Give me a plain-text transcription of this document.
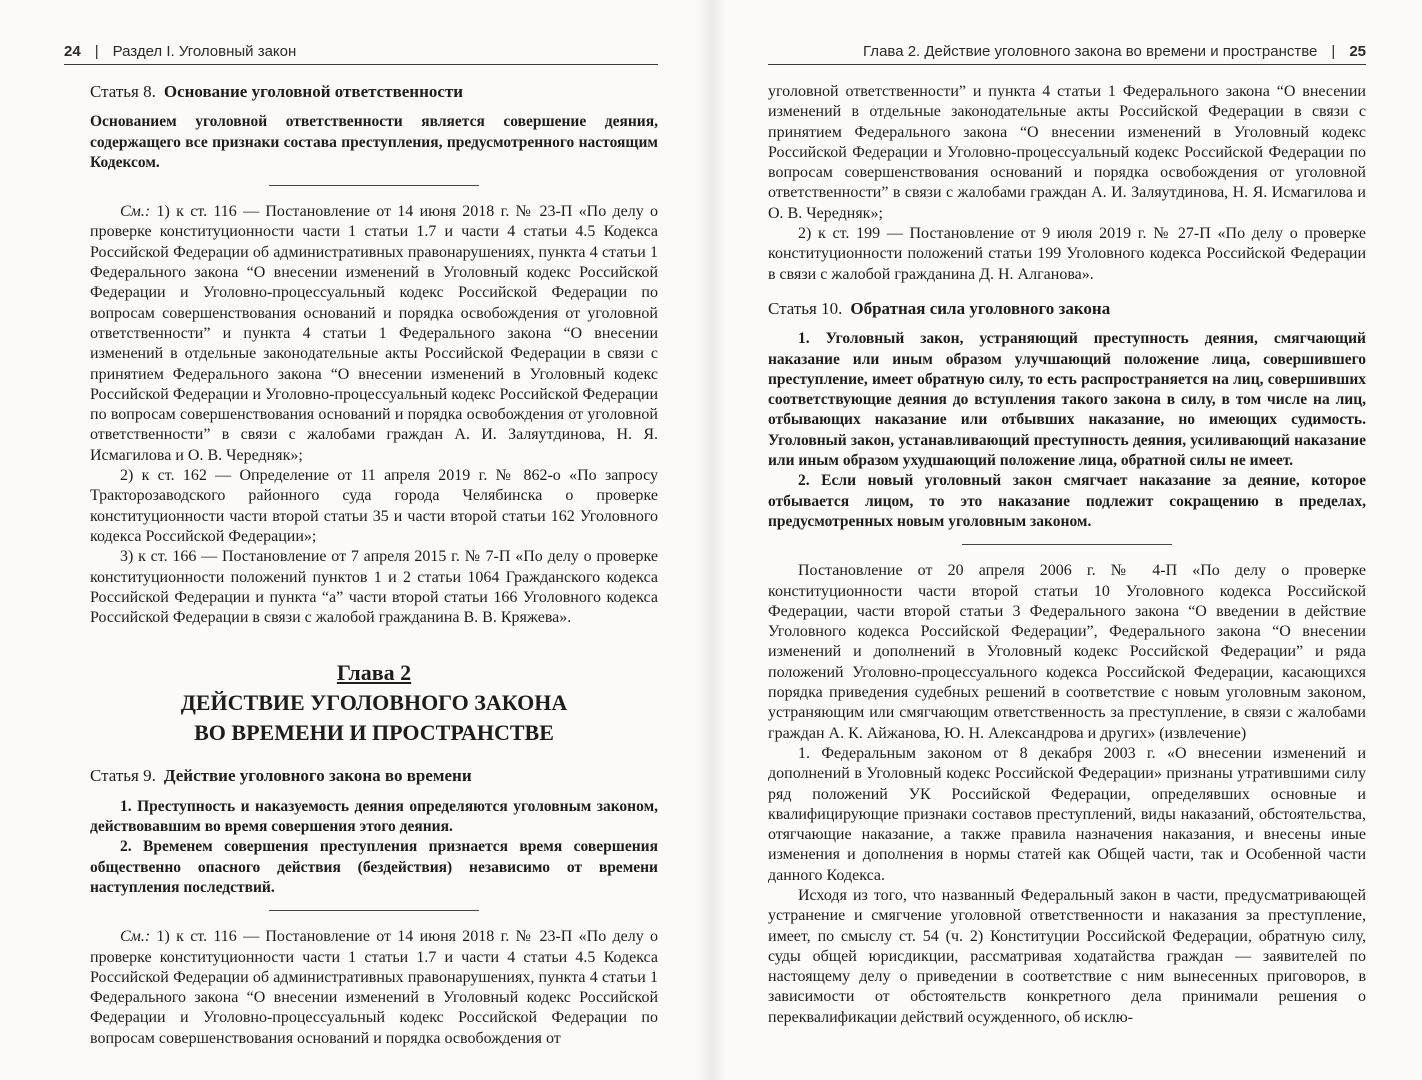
24 | Раздел I. Уголовный закон
Статья 8. Основание уголовной ответственности

Основанием уголовной ответственности является совершение деяния, содержащего все признаки состава преступления, предусмотренного настоящим Кодексом.

См.: 1) к ст. 116 — Постановление от 14 июня 2018 г. № 23-П «По делу о проверке конституционности части 1 статьи 1.7 и части 4 статьи 4.5 Кодекса Российской Федерации об административных правонарушениях, пункта 4 статьи 1 Федерального закона “О внесении изменений в Уголовный кодекс Российской Федерации и Уголовно-процессуальный кодекс Российской Федерации по вопросам совершенствования оснований и порядка освобождения от уголовной ответственности” и пункта 4 статьи 1 Федерального закона “О внесении изменений в отдельные законодательные акты Российской Федерации в связи с принятием Федерального закона “О внесении изменений в Уголовный кодекс Российской Федерации и Уголовно-процессуальный кодекс Российской Федерации по вопросам совершенствования оснований и порядка освобождения от уголовной ответственности” в связи с жалобами граждан А. И. Заляутдинова, Н. Я. Исмагилова и О. В. Чередняк»;

2) к ст. 162 — Определение от 11 апреля 2019 г. № 862-о «По запросу Тракторозаводского районного суда города Челябинска о проверке конституционности части второй статьи 35 и части второй статьи 162 Уголовного кодекса Российской Федерации»;

3) к ст. 166 — Постановление от 7 апреля 2015 г. № 7-П «По делу о проверке конституционности положений пунктов 1 и 2 статьи 1064 Гражданского кодекса Российской Федерации и пункта “а” части второй статьи 166 Уголовного кодекса Российской Федерации в связи с жалобой гражданина В. В. Кряжева».

Глава 2
ДЕЙСТВИЕ УГОЛОВНОГО ЗАКОНА
ВО ВРЕМЕНИ И ПРОСТРАНСТВЕ
Статья 9. Действие уголовного закона во времени

1. Преступность и наказуемость деяния определяются уголовным законом, действовавшим во время совершения этого деяния.

2. Временем совершения преступления признается время совершения общественно опасного действия (бездействия) независимо от времени наступления последствий.

См.: 1) к ст. 116 — Постановление от 14 июня 2018 г. № 23-П «По делу о проверке конституционности части 1 статьи 1.7 и части 4 статьи 4.5 Кодекса Российской Федерации об административных правонарушениях, пункта 4 статьи 1 Федерального закона “О внесении изменений в Уголовный кодекс Российской Федерации и Уголовно-процессуальный кодекс Российской Федерации по вопросам совершенствования оснований и порядка освобождения от

Глава 2. Действие уголовного закона во времени и пространстве | 25

уголовной ответственности” и пункта 4 статьи 1 Федерального закона “О внесении изменений в отдельные законодательные акты Российской Федерации в связи с принятием Федерального закона “О внесении изменений в Уголовный кодекс Российской Федерации и Уголовно-процессуальный кодекс Российской Федерации по вопросам совершенствования оснований и порядка освобождения от уголовной ответственности” в связи с жалобами граждан А. И. Заляутдинова, Н. Я. Исмагилова и О. В. Чередняк»;

2) к ст. 199 — Постановление от 9 июля 2019 г. № 27-П «По делу о проверке конституционности положений статьи 199 Уголовного кодекса Российской Федерации в связи с жалобой гражданина Д. Н. Алганова».

Статья 10. Обратная сила уголовного закона

1. Уголовный закон, устраняющий преступность деяния, смягчающий наказание или иным образом улучшающий положение лица, совершившего преступление, имеет обратную силу, то есть распространяется на лиц, совершивших соответствующие деяния до вступления такого закона в силу, в том числе на лиц, отбывающих наказание или отбывших наказание, но имеющих судимость. Уголовный закон, устанавливающий преступность деяния, усиливающий наказание или иным образом ухудшающий положение лица, обратной силы не имеет.

2. Если новый уголовный закон смягчает наказание за деяние, которое отбывается лицом, то это наказание подлежит сокращению в пределах, предусмотренных новым уголовным законом.

Постановление от 20 апреля 2006 г. № 4-П «По делу о проверке конституционности части второй статьи 10 Уголовного кодекса Российской Федерации, части второй статьи 3 Федерального закона “О введении в действие Уголовного кодекса Российской Федерации”, Федерального закона “О внесении изменений и дополнений в Уголовный кодекс Российской Федерации” и ряда положений Уголовно-процессуального кодекса Российской Федерации, касающихся порядка приведения судебных решений в соответствие с новым уголовным законом, устраняющим или смягчающим ответственность за преступление, в связи с жалобами граждан А. К. Айжанова, Ю. Н. Александрова и других» (извлечение)

1. Федеральным законом от 8 декабря 2003 г. «О внесении изменений и дополнений в Уголовный кодекс Российской Федерации» признаны утратившими силу ряд положений УК Российской Федерации, определявших основные и квалифицирующие признаки составов преступлений, виды наказаний, обстоятельства, отягчающие наказание, а также правила назначения наказания, и внесены иные изменения и дополнения в нормы статей как Общей части, так и Особенной части данного Кодекса.

Исходя из того, что названный Федеральный закон в части, предусматривающей устранение и смягчение уголовной ответственности и наказания за преступление, имеет, по смыслу ст. 54 (ч. 2) Конституции Российской Федерации, обратную силу, суды общей юрисдикции, рассматривая ходатайства граждан — заявителей по настоящему делу о приведении в соответствие с ним вынесенных приговоров, в зависимости от обстоятельств конкретного дела принимали решения о переквалификации действий осужденного, об исклю-
